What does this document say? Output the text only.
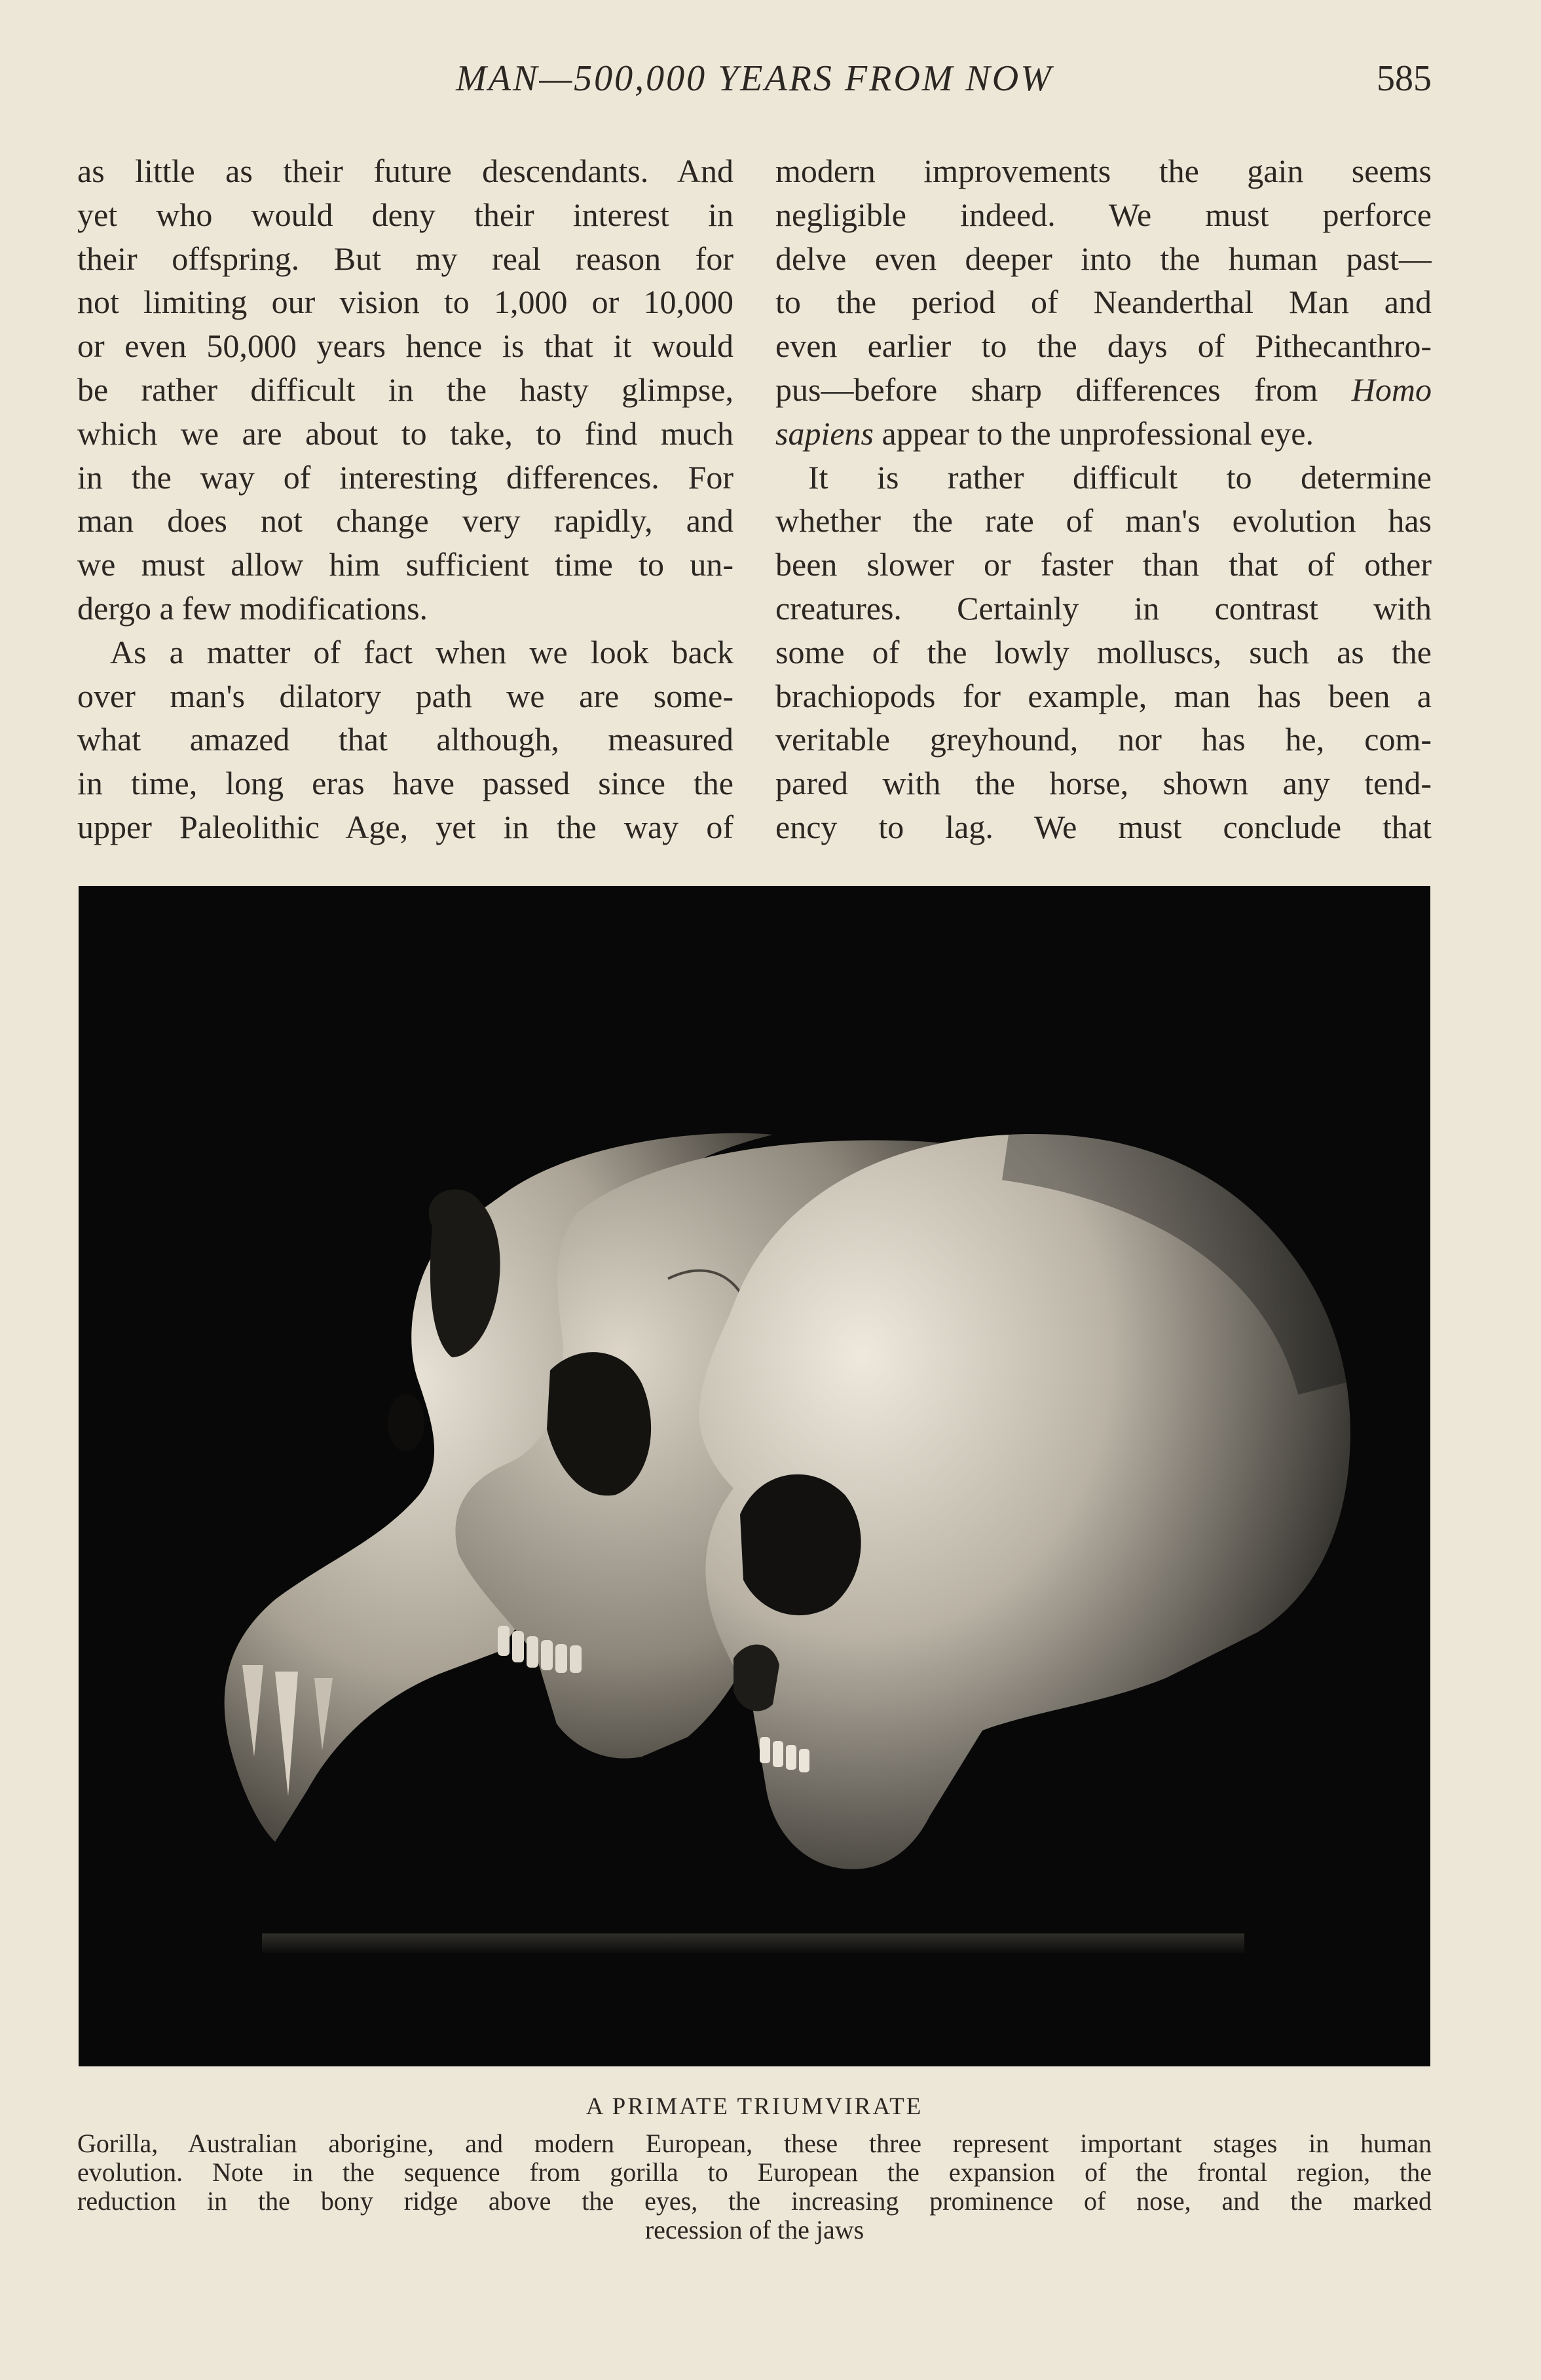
MAN—500,000 YEARS FROM NOW	585
as little as their future descendants. And
yet who would deny their interest in
their offspring. But my real reason for
not limiting our vision to 1,000 or 10,000
or even 50,000 years hence is that it would
be rather difficult in the hasty glimpse,
which we are about to take, to find much
in the way of interesting differences. For
man does not change very rapidly, and
we must allow him sufficient time to un-
dergo a few modifications.
As a matter of fact when we look back
over man's dilatory path we are some-
what amazed that although, measured
in time, long eras have passed since the
upper Paleolithic Age, yet in the way of
modern improvements the gain seems
negligible indeed. We must perforce
delve even deeper into the human past—
to the period of Neanderthal Man and
even earlier to the days of Pithecanthro-
pus—before sharp differences from Homo
sapiens appear to the unprofessional eye.
It is rather difficult to determine
whether the rate of man's evolution has
been slower or faster than that of other
creatures. Certainly in contrast with
some of the lowly molluscs, such as the
brachiopods for example, man has been a
veritable greyhound, nor has he, com-
pared with the horse, shown any tend-
ency to lag. We must conclude that
A PRIMATE TRIUMVIRATE
Gorilla, Australian aborigine, and modern European, these three represent important stages in human
evolution. Note in the sequence from gorilla to European the expansion of the frontal region, the
reduction in the bony ridge above the eyes, the increasing prominence of nose, and the marked
recession of the jaws
